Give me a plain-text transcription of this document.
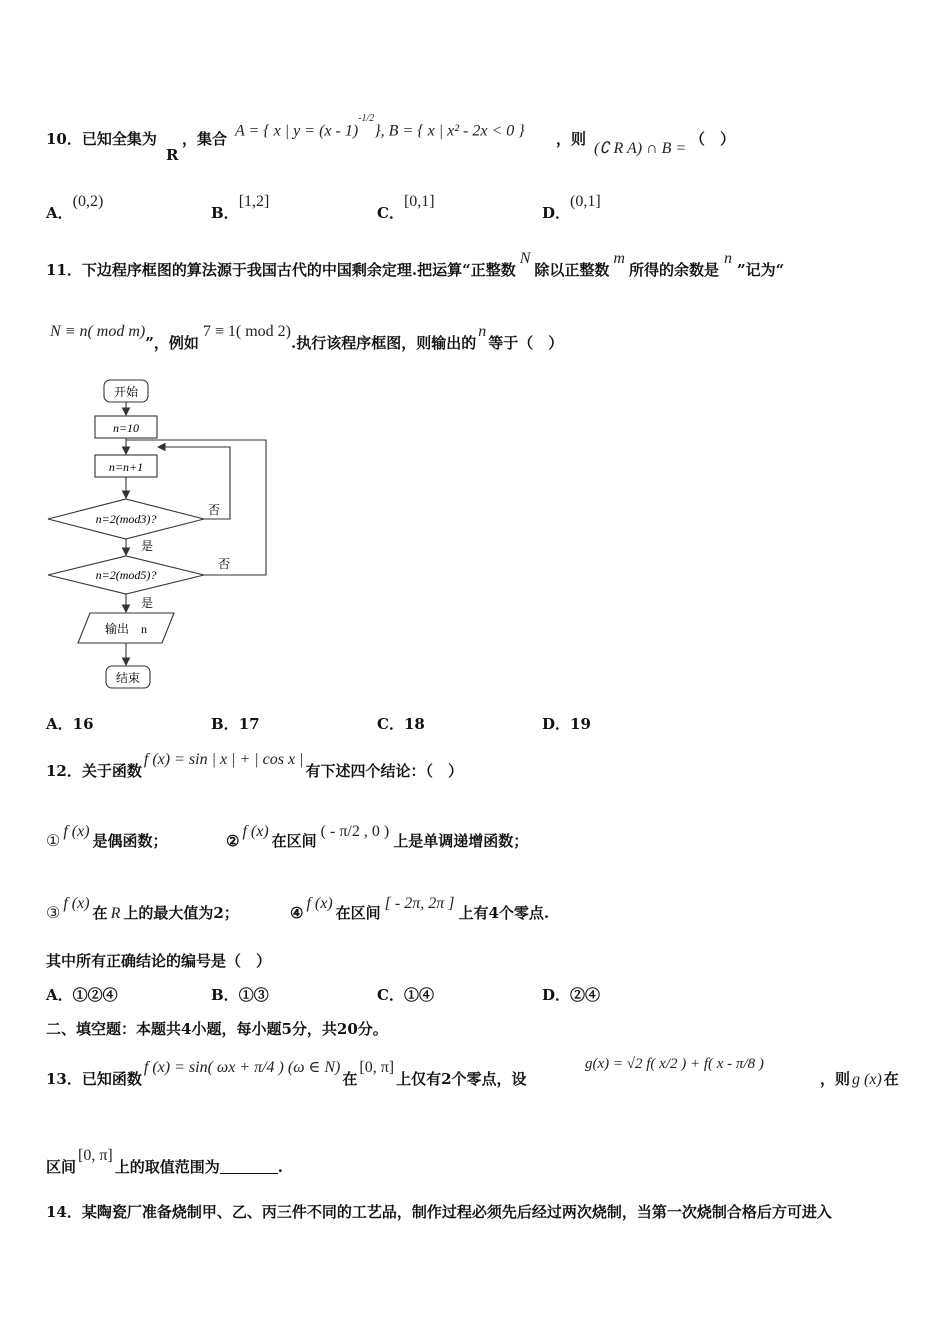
10．已知全集为
R
，集合 A = { x | y = (x - 1)$^{-1/2}$}, B = { x | x² - 2x < 0 } ，则
(∁ R A) ∩ B =
（　）
A．(0,2)
B．[1,2]
C．[0,1]
D．(0,1]
11．下边程序框图的算法源于我国古代的中国剩余定理.把运算“正整数N除以正整数m所得的余数是n”记为“
N ≡ n( mod m)”，例如7 ≡ 1( mod 2).执行该程序框图，则输出的n等于（　）
开始
n=10
n=n+1
n=2(mod3)?
n=2(mod5)?
否
否
是
是
输出　n
结束
A．16	B．17	C．18	D．19
12．关于函数f (x) = sin | x | + | cos x |有下述四个结论：（　）
①f (x)是偶函数；	②f (x)在区间( - π/2 , 0 )上是单调递增函数；
③f (x)在 R 上的最大值为2；	④f (x)在区间[ - 2π, 2π ]上有4个零点.
其中所有正确结论的编号是（　）
A．①②④	B．①③	C．①④	D．②④
二、填空题：本题共4小题，每小题5分，共20分。
13．已知函数f (x) = sin( ωx + π/4 ) (ω ∈ N)在[0, π]上仅有2个零点，设
g(x) = √2 f( x/2 ) + f( x - π/8 )
，则 g (x) 在
区间[0, π]上的取值范围为	.
14．某陶瓷厂准备烧制甲、乙、丙三件不同的工艺品，制作过程必须先后经过两次烧制，当第一次烧制合格后方可进入
